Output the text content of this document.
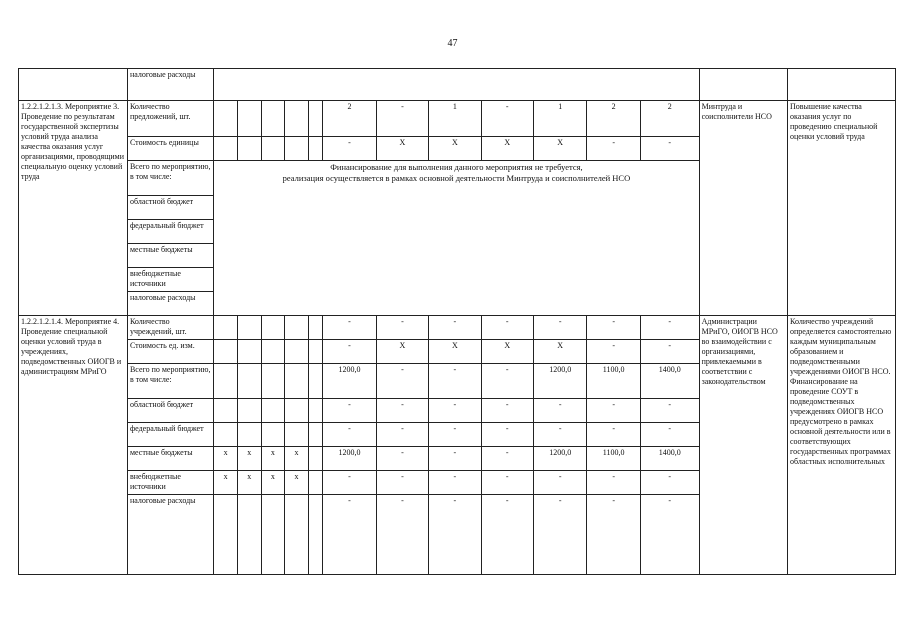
47
	налоговые расходы														
1.2.2.1.2.1.3. Мероприятие 3. Проведение по результатам государственной экспертизы условий труда анализа качества оказания услуг организациями, проводящими специальную оценку условий труда	Количество предложений, шт.						2	-	1	-	1	2	2	Минтруда и соисполнители НСО	Повышение качества оказания услуг по проведению специальной оценки условий труда
	Стоимость единицы						-	X	X	X	X	-	-		
	Всего по мероприятию, в том числе:	Финансирование для выполнения данного мероприятия не требуется,
реализация осуществляется в рамках основной деятельности Минтруда и соисполнителей НСО													

	областной бюджет														
	федеральный бюджет														
	местные бюджеты														
	внебюджетные источники														
	налоговые расходы														
1.2.2.1.2.1.4. Мероприятие 4. Проведение специальной оценки условий труда в учреждениях, подведомственных ОИОГВ и администрациям МРиГО	Количество учреждений, шт.						-	-	-	-	-	-	-	Администрации МРиГО, ОИОГВ НСО во взаимодействии с организациями, привлекаемыми в соответствии с законодательством	Количество учреждений определяется самостоятельно каждым муниципальным образованием и подведомственными учреждениями ОИОГВ НСО. Финансирование на проведение СОУТ в подведомственных учреждениях ОИОГВ НСО предусмотрено в рамках основной деятельности или в соответствующих государственных программах областных исполнительных
	Стоимость ед. изм.						-	X	X	X	X	-	-		
	Всего по мероприятию, в том числе:						1200,0	-	-	-	1200,0	1100,0	1400,0		
	областной бюджет						-	-	-	-	-	-	-		
	федеральный бюджет						-	-	-	-	-	-	-		
	местные бюджеты	x	x	x	x		1200,0	-	-	-	1200,0	1100,0	1400,0		
	внебюджетные источники	x	x	x	x		-	-	-	-	-	-	-		
	налоговые расходы						-	-	-	-	-	-	-		
